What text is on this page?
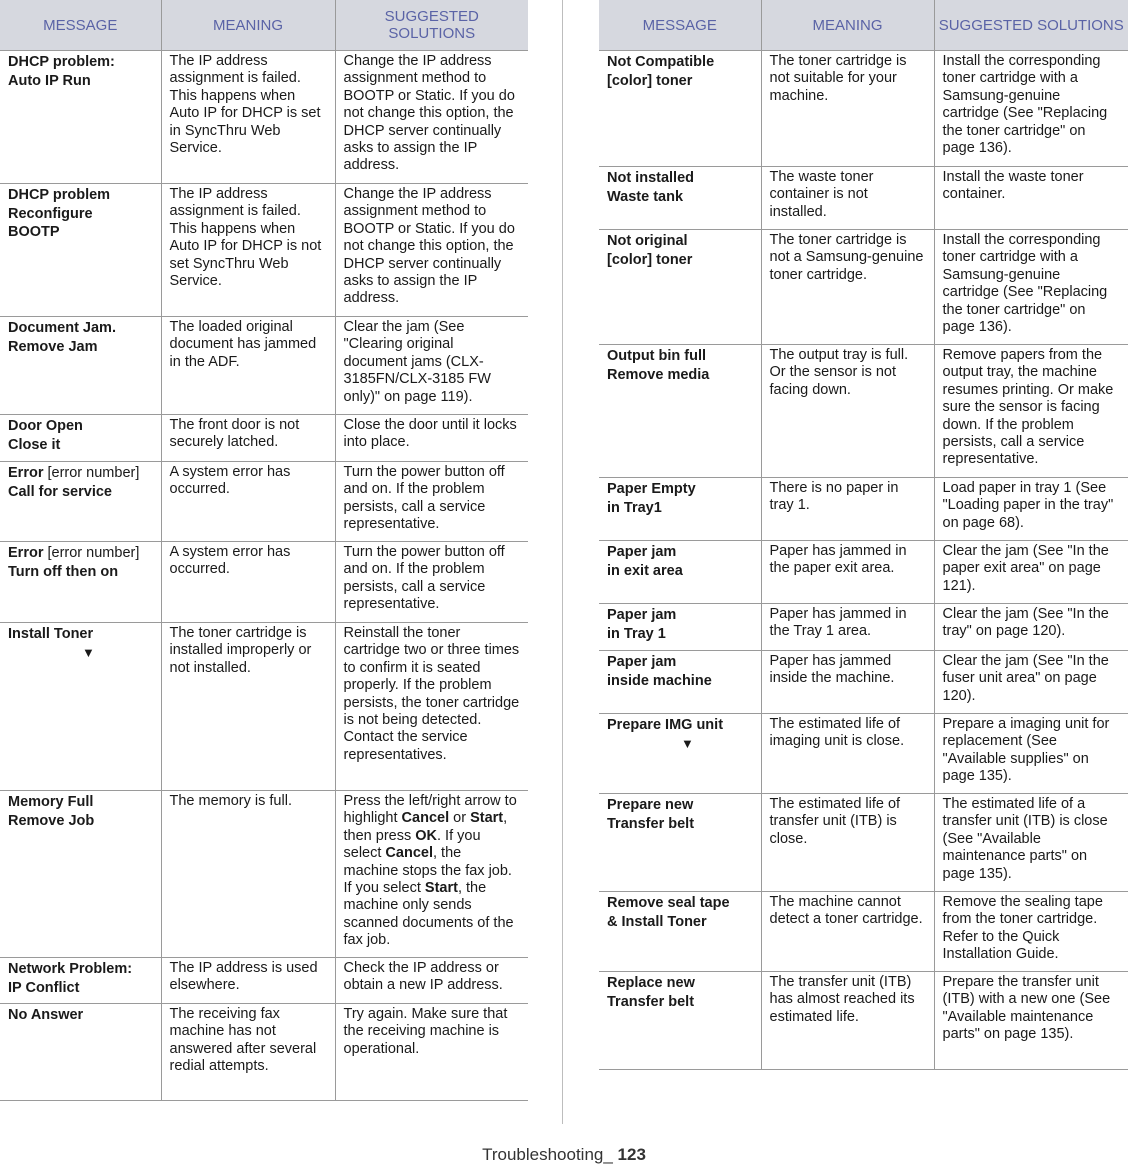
MESSAGE	MEANING	SUGGESTED SOLUTIONS

DHCP problem:
Auto IP Run	The IP address assignment is failed. This happens when Auto IP for DHCP is set in SyncThru Web Service.	Change the IP address assignment method to BOOTP or Static. If you do not change this option, the DHCP server continually asks to assign the IP address.

DHCP problem
Reconfigure
BOOTP	The IP address assignment is failed. This happens when Auto IP for DHCP is not set SyncThru Web Service.	Change the IP address assignment method to BOOTP or Static. If you do not change this option, the DHCP server continually asks to assign the IP address.

Document Jam.
Remove Jam	The loaded original document has jammed in the ADF.	Clear the jam (See "Clearing original document jams (CLX-3185FN/CLX-3185 FW only)" on page 119).

Door Open
Close it	The front door is not securely latched.	Close the door until it locks into place.

Error [error number]
Call for service	A system error has occurred.	Turn the power button off and on. If the problem persists, call a service representative.

Error [error number]
Turn off then on	A system error has occurred.	Turn the power button off and on. If the problem persists, call a service representative.

Install Toner
▼	The toner cartridge is installed improperly or not installed.	Reinstall the toner cartridge two or three times to confirm it is seated properly. If the problem persists, the toner cartridge is not being detected. Contact the service representatives.

Memory Full
Remove Job	The memory is full.	Press the left/right arrow to highlight Cancel or Start, then press OK. If you select Cancel, the machine stops the fax job. If you select Start, the machine only sends scanned documents of the fax job.

Network Problem:
IP Conflict	The IP address is used elsewhere.	Check the IP address or obtain a new IP address.

No Answer	The receiving fax machine has not answered after several redial attempts.	Try again. Make sure that the receiving machine is operational.
MESSAGE	MEANING	SUGGESTED SOLUTIONS

Not Compatible
[color] toner	The toner cartridge is not suitable for your machine.	Install the corresponding toner cartridge with a Samsung-genuine cartridge (See "Replacing the toner cartridge" on page 136).

Not installed
Waste tank	The waste toner container is not installed.	Install the waste toner container.

Not original
[color] toner	The toner cartridge is not a Samsung-genuine toner cartridge.	Install the corresponding toner cartridge with a Samsung-genuine cartridge (See "Replacing the toner cartridge" on page 136).

Output bin full
Remove media	The output tray is full. Or the sensor is not facing down.	Remove papers from the output tray, the machine resumes printing. Or make sure the sensor is facing down. If the problem persists, call a service representative.

Paper Empty
in Tray1	There is no paper in tray 1.	Load paper in tray 1 (See "Loading paper in the tray" on page 68).

Paper jam
in exit area	Paper has jammed in the paper exit area.	Clear the jam (See "In the paper exit area" on page 121).

Paper jam
in Tray 1	Paper has jammed in the Tray 1 area.	Clear the jam (See "In the tray" on page 120).

Paper jam
inside machine	Paper has jammed inside the machine.	Clear the jam (See "In the fuser unit area" on page 120).

Prepare IMG unit
▼	The estimated life of imaging unit is close.	Prepare a imaging unit for replacement (See "Available supplies" on page 135).

Prepare new
Transfer belt	The estimated life of transfer unit (ITB) is close.	The estimated life of a transfer unit (ITB) is close (See "Available maintenance parts" on page 135).

Remove seal tape
& Install Toner	The machine cannot detect a toner cartridge.	Remove the sealing tape from the toner cartridge. Refer to the Quick Installation Guide.

Replace new
Transfer belt	The transfer unit (ITB) has almost reached its estimated life.	Prepare the transfer unit (ITB) with a new one (See "Available maintenance parts" on page 135).
Troubleshooting_ 123
